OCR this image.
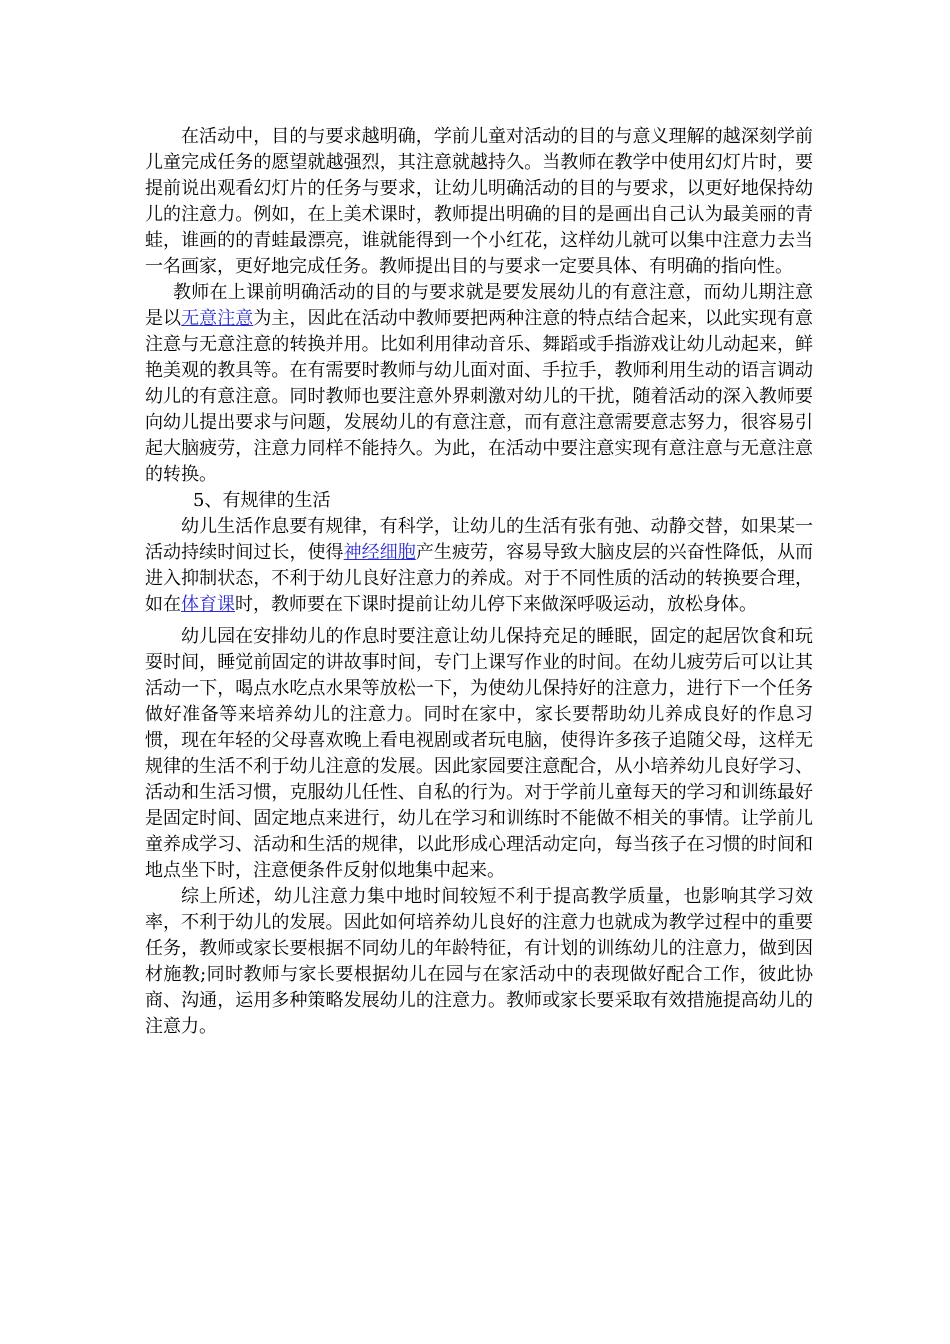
在活动中，目的与要求越明确，学前儿童对活动的目的与意义理解的越深刻学前儿童完成任务的愿望就越强烈，其注意就越持久。当教师在教学中使用幻灯片时，要提前说出观看幻灯片的任务与要求，让幼儿明确活动的目的与要求，以更好地保持幼儿的注意力。例如，在上美术课时，教师提出明确的目的是画出自己认为最美丽的青蛙，谁画的的青蛙最漂亮，谁就能得到一个小红花，这样幼儿就可以集中注意力去当一名画家，更好地完成任务。教师提出目的与要求一定要具体、有明确的指向性。

教师在上课前明确活动的目的与要求就是要发展幼儿的有意注意，而幼儿期注意是以无意注意为主，因此在活动中教师要把两种注意的特点结合起来，以此实现有意注意与无意注意的转换并用。比如利用律动音乐、舞蹈或手指游戏让幼儿动起来，鲜艳美观的教具等。在有需要时教师与幼儿面对面、手拉手，教师利用生动的语言调动幼儿的有意注意。同时教师也要注意外界刺激对幼儿的干扰，随着活动的深入教师要向幼儿提出要求与问题，发展幼儿的有意注意，而有意注意需要意志努力，很容易引起大脑疲劳，注意力同样不能持久。为此，在活动中要注意实现有意注意与无意注意的转换。

5、有规律的生活

幼儿生活作息要有规律，有科学，让幼儿的生活有张有弛、动静交替，如果某一活动持续时间过长，使得神经细胞产生疲劳，容易导致大脑皮层的兴奋性降低，从而进入抑制状态，不利于幼儿良好注意力的养成。对于不同性质的活动的转换要合理，如在体育课时，教师要在下课时提前让幼儿停下来做深呼吸运动，放松身体。

幼儿园在安排幼儿的作息时要注意让幼儿保持充足的睡眠，固定的起居饮食和玩耍时间，睡觉前固定的讲故事时间，专门上课写作业的时间。在幼儿疲劳后可以让其活动一下，喝点水吃点水果等放松一下，为使幼儿保持好的注意力，进行下一个任务做好准备等来培养幼儿的注意力。同时在家中，家长要帮助幼儿养成良好的作息习惯，现在年轻的父母喜欢晚上看电视剧或者玩电脑，使得许多孩子追随父母，这样无规律的生活不利于幼儿注意的发展。因此家园要注意配合，从小培养幼儿良好学习、活动和生活习惯，克服幼儿任性、自私的行为。对于学前儿童每天的学习和训练最好是固定时间、固定地点来进行，幼儿在学习和训练时不能做不相关的事情。让学前儿童养成学习、活动和生活的规律，以此形成心理活动定向，每当孩子在习惯的时间和地点坐下时，注意便条件反射似地集中起来。

综上所述，幼儿注意力集中地时间较短不利于提高教学质量，也影响其学习效率，不利于幼儿的发展。因此如何培养幼儿良好的注意力也就成为教学过程中的重要任务，教师或家长要根据不同幼儿的年龄特征，有计划的训练幼儿的注意力，做到因材施教;同时教师与家长要根据幼儿在园与在家活动中的表现做好配合工作，彼此协商、沟通，运用多种策略发展幼儿的注意力。教师或家长要采取有效措施提高幼儿的注意力。
